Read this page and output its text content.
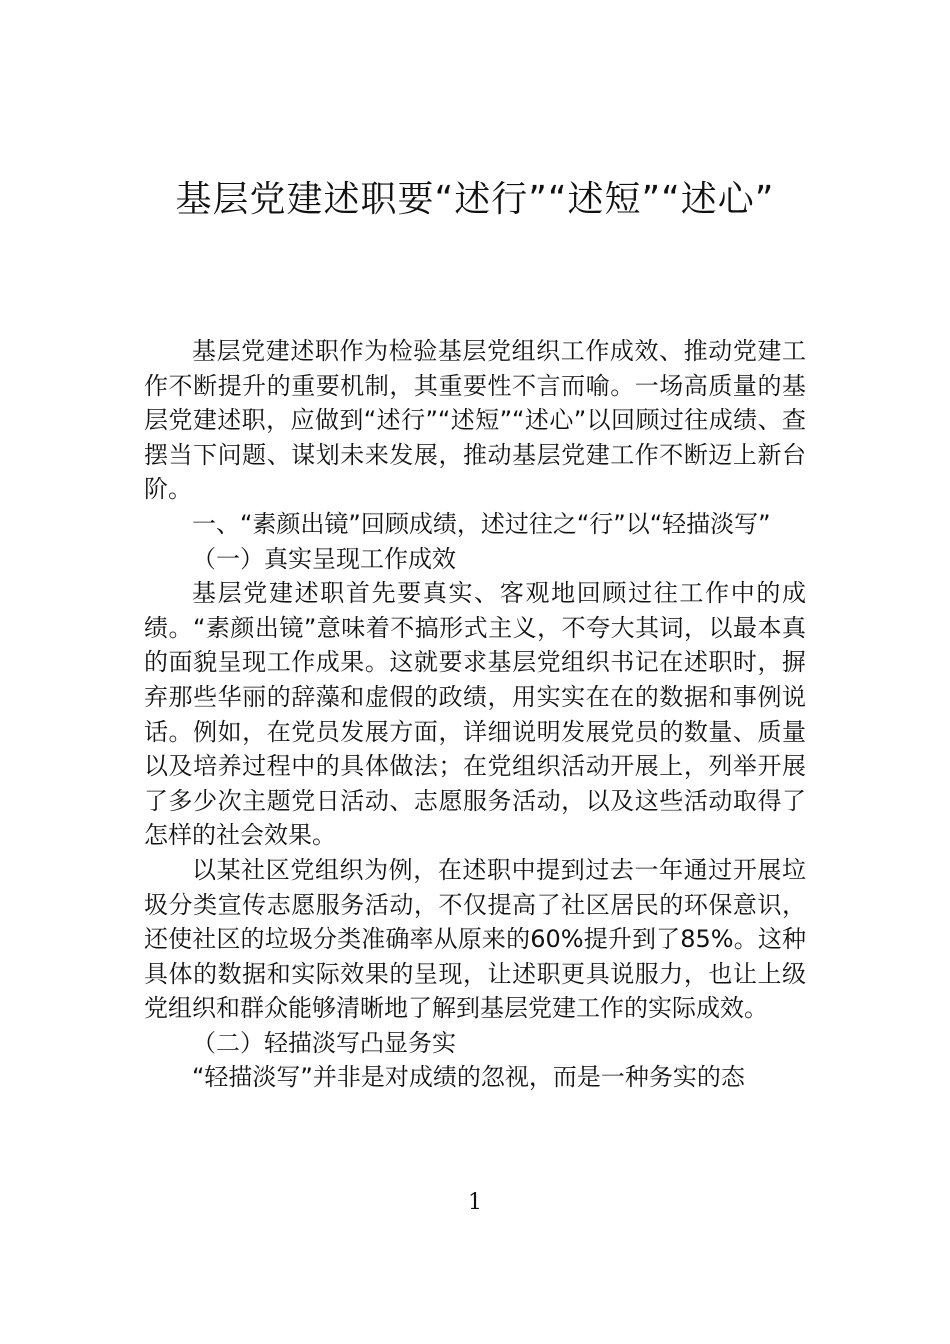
基层党建述职要“述行”“述短”“述心”

基层党建述职作为检验基层党组织工作成效、推动党建工作不断提升的重要机制，其重要性不言而喻。一场高质量的基层党建述职，应做到“述行”“述短”“述心”以回顾过往成绩、查摆当下问题、谋划未来发展，推动基层党建工作不断迈上新台阶。

一、“素颜出镜”回顾成绩，述过往之“行”以“轻描淡写”

（一）真实呈现工作成效

基层党建述职首先要真实、客观地回顾过往工作中的成绩。“素颜出镜”意味着不搞形式主义，不夸大其词，以最本真的面貌呈现工作成果。这就要求基层党组织书记在述职时，摒弃那些华丽的辞藻和虚假的政绩，用实实在在的数据和事例说话。例如，在党员发展方面，详细说明发展党员的数量、质量以及培养过程中的具体做法；在党组织活动开展上，列举开展了多少次主题党日活动、志愿服务活动，以及这些活动取得了怎样的社会效果。

以某社区党组织为例，在述职中提到过去一年通过开展垃圾分类宣传志愿服务活动，不仅提高了社区居民的环保意识，还使社区的垃圾分类准确率从原来的60%提升到了85%。这种具体的数据和实际效果的呈现，让述职更具说服力，也让上级党组织和群众能够清晰地了解到基层党建工作的实际成效。

（二）轻描淡写凸显务实

“轻描淡写”并非是对成绩的忽视，而是一种务实的态

1
